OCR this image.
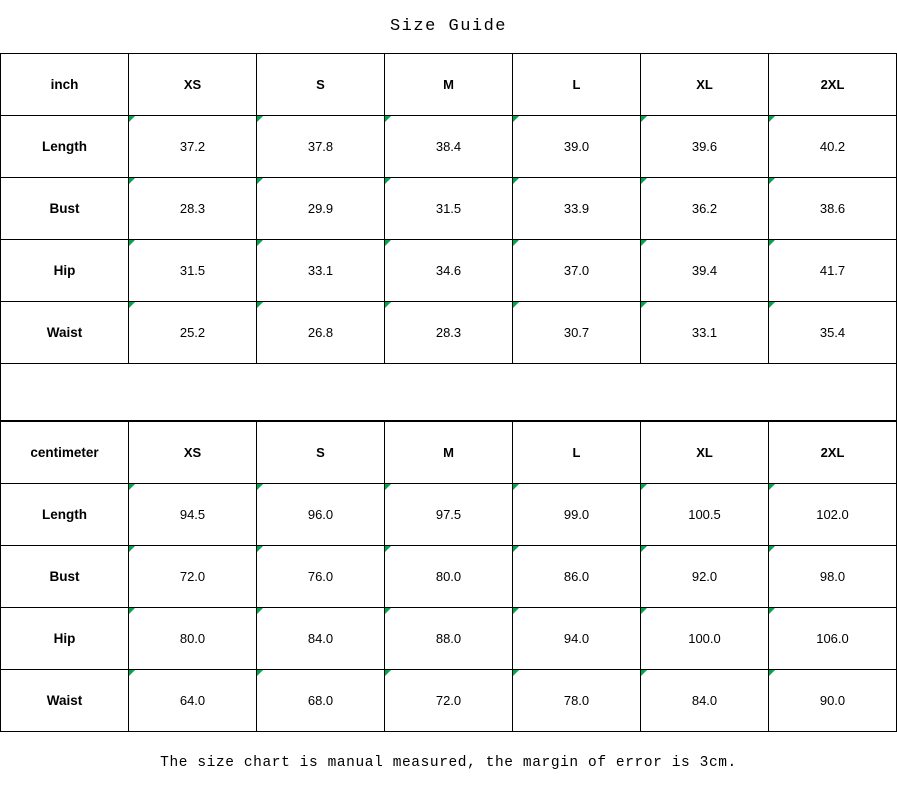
Size Guide
inch	XS	S	M	L	XL	2XL
Length	37.2	37.8	38.4	39.0	39.6	40.2
Bust	28.3	29.9	31.5	33.9	36.2	38.6
Hip	31.5	33.1	34.6	37.0	39.4	41.7
Waist	25.2	26.8	28.3	30.7	33.1	35.4
centimeter	XS	S	M	L	XL	2XL
Length	94.5	96.0	97.5	99.0	100.5	102.0
Bust	72.0	76.0	80.0	86.0	92.0	98.0
Hip	80.0	84.0	88.0	94.0	100.0	106.0
Waist	64.0	68.0	72.0	78.0	84.0	90.0
The size chart is manual measured, the margin of error is 3cm.
